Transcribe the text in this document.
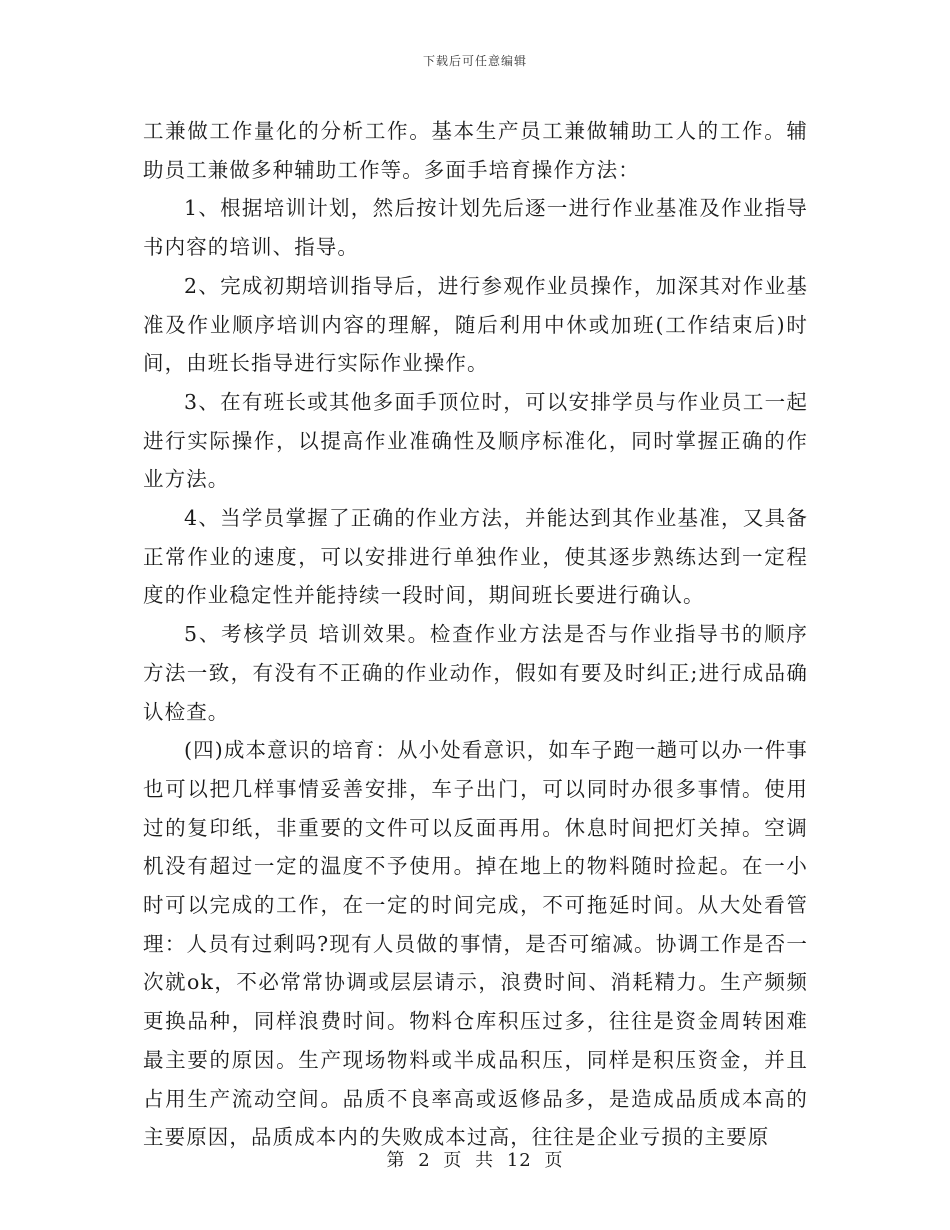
下载后可任意编辑

工兼做工作量化的分析工作。基本生产员工兼做辅助工人的工作。辅助员工兼做多种辅助工作等。多面手培育操作方法：

1、根据培训计划，然后按计划先后逐一进行作业基准及作业指导书内容的培训、指导。

2、完成初期培训指导后，进行参观作业员操作，加深其对作业基准及作业顺序培训内容的理解，随后利用中休或加班(工作结束后)时间，由班长指导进行实际作业操作。

3、在有班长或其他多面手顶位时，可以安排学员与作业员工一起进行实际操作，以提高作业准确性及顺序标准化，同时掌握正确的作业方法。

4、当学员掌握了正确的作业方法，并能达到其作业基准，又具备正常作业的速度，可以安排进行单独作业，使其逐步熟练达到一定程度的作业稳定性并能持续一段时间，期间班长要进行确认。

5、考核学员 培训效果。检查作业方法是否与作业指导书的顺序方法一致，有没有不正确的作业动作，假如有要及时纠正;进行成品确认检查。

(四)成本意识的培育：从小处看意识，如车子跑一趟可以办一件事也可以把几样事情妥善安排，车子出门，可以同时办很多事情。使用过的复印纸，非重要的文件可以反面再用。休息时间把灯关掉。空调机没有超过一定的温度不予使用。掉在地上的物料随时捡起。在一小时可以完成的工作，在一定的时间完成，不可拖延时间。从大处看管理：人员有过剩吗?现有人员做的事情，是否可缩减。协调工作是否一次就ok，不必常常协调或层层请示，浪费时间、消耗精力。生产频频更换品种，同样浪费时间。物料仓库积压过多，往往是资金周转困难最主要的原因。生产现场物料或半成品积压，同样是积压资金，并且占用生产流动空间。品质不良率高或返修品多，是造成品质成本高的主要原因，品质成本内的失败成本过高，往往是企业亏损的主要原

第 2 页 共 12 页
